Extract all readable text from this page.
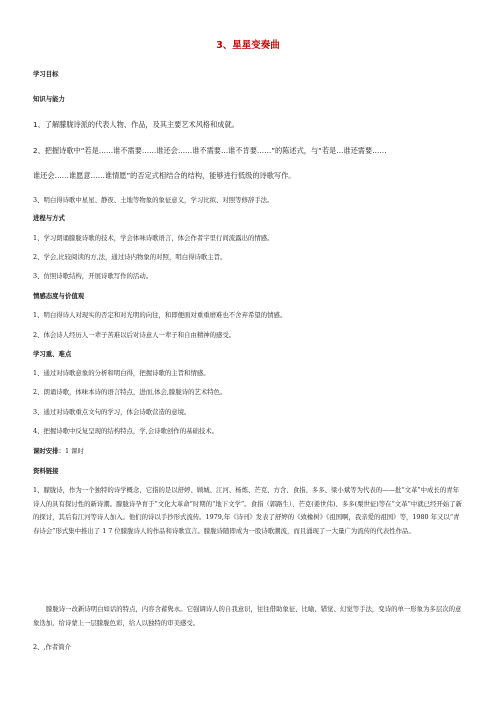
3、星星变奏曲
学习目标
知识与能力
1、了解朦胧诗派的代表人物、作品，及其主要艺术风格和成就。
2、把握诗歌中“若是……谁不需要……谁还会……谁不需要…谁不肯要……”的陈述式，与“若是…谁还需要……
谁还会……谁愿意……谁情愿”的否定式相结合的结构，能够进行低级的诗歌写作。
3、明白得诗歌中星星、静夜、土地等物象的象征意义，学习比拟、对照等修辞手法。
进程与方式
1、学习朗诵朦胧诗歌的技术，学会体味诗歌语言，体会作者字里行间流露出的情感。
2、学会,比较阅读的方,法，通过诗内物象的对照，明白得诗歌主旨。
3、仿照诗歌结构，开展诗歌写作的活动。
情感态度与价值观
1、明白得诗人对现实的否定和对光明的向往，和即便面对重重磨难也不舍弃希望的情感。
2、体会诗人经历人一辈子苦难以后对诗意人一辈子和自由精神的感受。
学习重、难点
1、通过对诗歌意象的分析和明白得，把握诗歌的主旨和情感。
2、朗诵诗歌，体味本诗的语言特点，进而,体会,朦胧诗的艺术特色。
3、通过对诗歌重点文句的学习，体会诗歌营造的意境。
4、把握诗歌中反复呈现的结构特点，学,会诗歌创作的基础技术。
课时安排：1 课时
资料链接
1、朦胧诗，作为一个独特的诗学概念，它指的是以舒婷、顾城、江河、杨炼、芒克、方含、食指、多多、梁小斌等为代表的——批“文革”中成长的青年诗人的具有探讨性的新诗潮。朦胧诗孕育于“文化大革命”时期的“地下文学”。食指（郭路生）、芒克(姜世伟)、多多(栗世征)等在“文革”中就已经开始了新的探讨，其后有江河等诗人加入。他们的诗以手抄形式流传。1979,年《诗刊》发表了舒婷的《致橡树》《祖国啊，我亲爱的祖国》等，1980 年又以“青春诗会”形式集中推出了 1 7 位朦胧诗人的作品和诗歌宣言。朦胧诗随即成为一股诗歌潮流，而且涌现了一大量广为流传的代表性作品。
朦胧诗一改新诗明白如话的特点，内容含蓄隽永。它强调诗人的自我意识，往往借助象征、比喻、错觉、幻觉等手法，变诗的单一形象为多层次的意象迭加，给诗蒙上一层朦胧色彩，给人以独特的审美感受。
2、,作者简介
